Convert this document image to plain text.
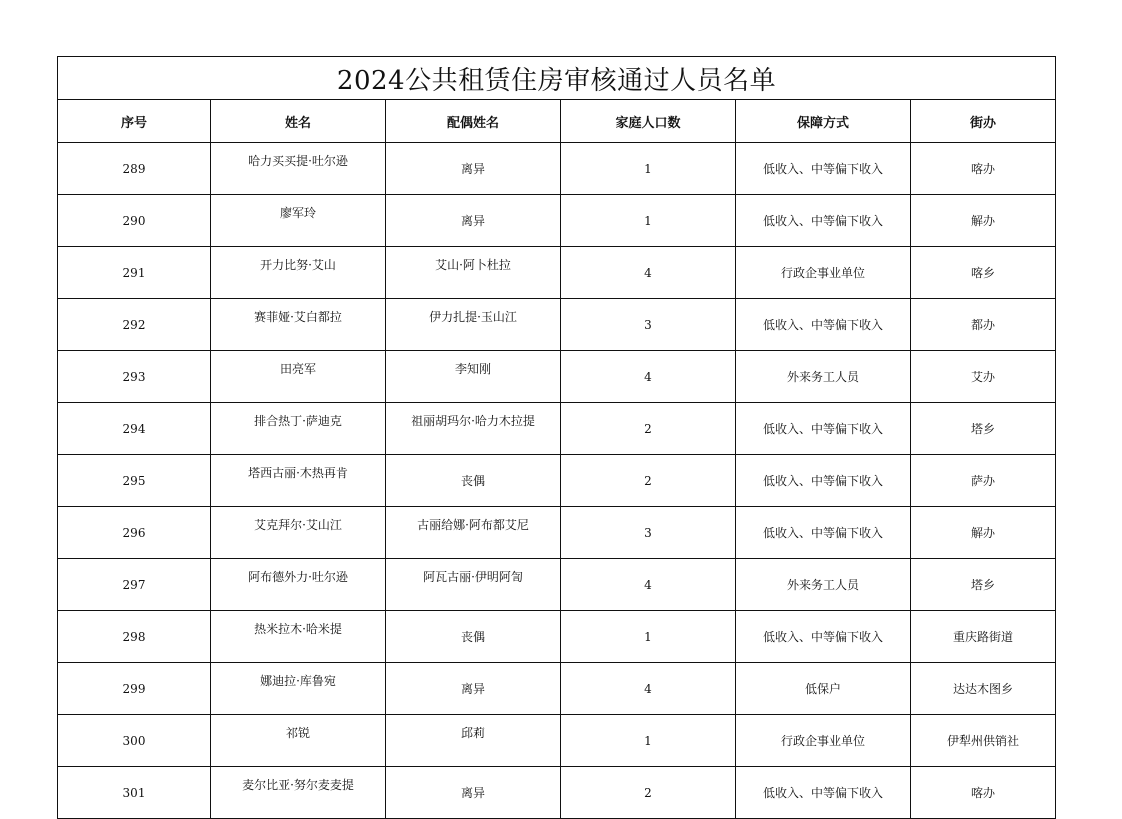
2024公共租赁住房审核通过人员名单					
序号	姓名	配偶姓名	家庭人口数	保障方式	街办
289	哈力买买提·吐尔逊	离异	1	低收入、中等偏下收入	喀办
290	廖军玲	离异	1	低收入、中等偏下收入	解办
291	开力比努·艾山	艾山·阿卜杜拉	4	行政企事业单位	喀乡
292	赛菲娅·艾白都拉	伊力扎提·玉山江	3	低收入、中等偏下收入	都办
293	田亮军	李知刚	4	外来务工人员	艾办
294	排合热丁·萨迪克	祖丽胡玛尔·哈力木拉提	2	低收入、中等偏下收入	塔乡
295	塔西古丽·木热再肯	丧偶	2	低收入、中等偏下收入	萨办
296	艾克拜尔·艾山江	古丽给娜·阿布都艾尼	3	低收入、中等偏下收入	解办
297	阿布德外力·吐尔逊	阿瓦古丽·伊明阿訇	4	外来务工人员	塔乡
298	热米拉木·哈米提	丧偶	1	低收入、中等偏下收入	重庆路街道
299	娜迪拉·库鲁宛	离异	4	低保户	达达木图乡
300	祁锐	邱莉	1	行政企事业单位	伊犁州供销社
301	麦尔比亚·努尔麦麦提	离异	2	低收入、中等偏下收入	喀办
